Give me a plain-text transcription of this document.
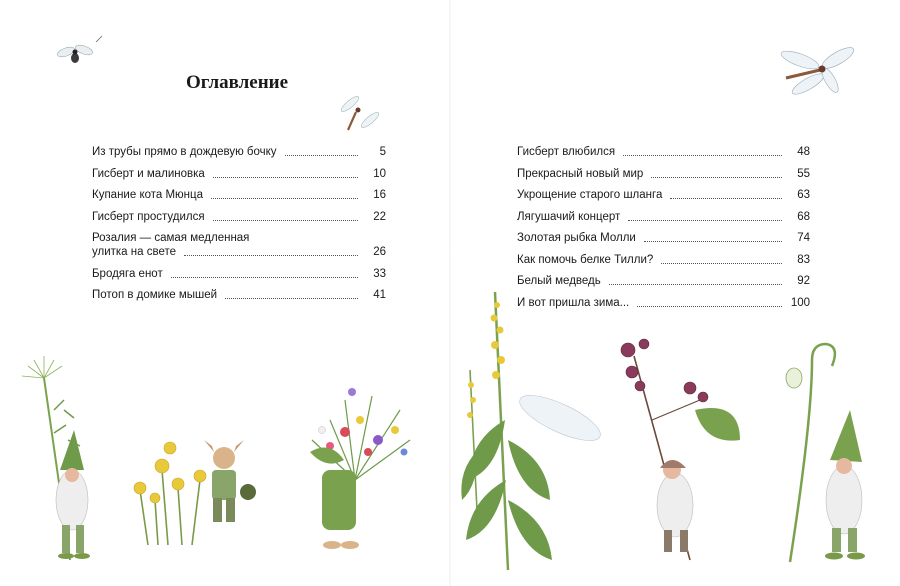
Оглавление
Из трубы прямо в дождевую бочку	5
Гисберт и малиновка	10
Купание кота Мюнца	16
Гисберт простудился	22
Розалия — самая медленная
улитка на свете	26
Бродяга енот	33
Потоп в домике мышей	41
Гисберт влюбился	48
Прекрасный новый мир	55
Укрощение старого шланга	63
Лягушачий концерт	68
Золотая рыбка Молли	74
Как помочь белке Тилли?	83
Белый медведь	92
И вот пришла зима...	100
